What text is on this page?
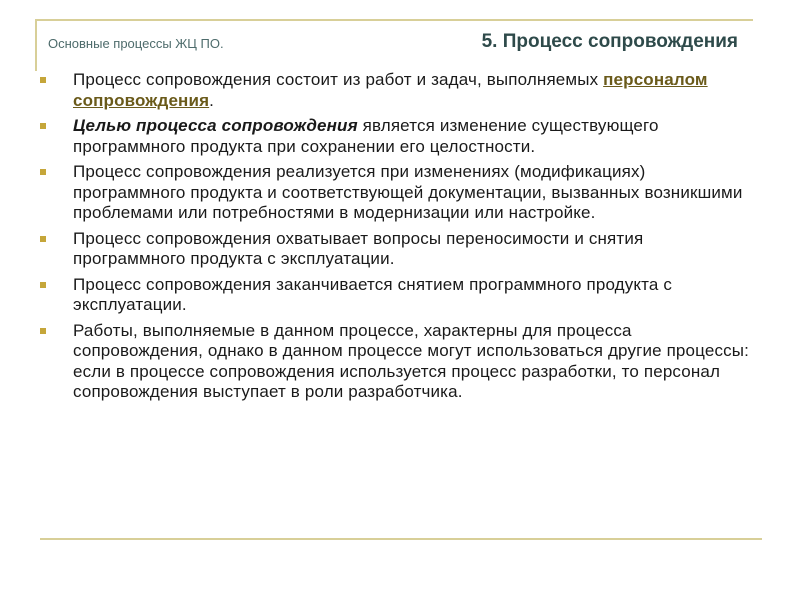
Основные процессы ЖЦ ПО.	5. Процесс сопровождения
Процесс сопровождения состоит из работ и задач, выполняемых персоналом сопровождения.
Целью процесса сопровождения является изменение существующего программного продукта при сохранении его целостности.
Процесс сопровождения реализуется при изменениях (модификациях) программного продукта и соответствующей документации, вызванных возникшими проблемами или потребностями в модернизации или настройке.
Процесс сопровождения охватывает вопросы переносимости и снятия программного продукта с эксплуатации.
Процесс сопровождения заканчивается снятием программного продукта с эксплуатации.
Работы, выполняемые в данном процессе, характерны для процесса сопровождения, однако в данном процессе могут использоваться другие процессы: если в процессе сопровождения используется процесс разработки, то персонал сопровождения выступает в роли разработчика.
